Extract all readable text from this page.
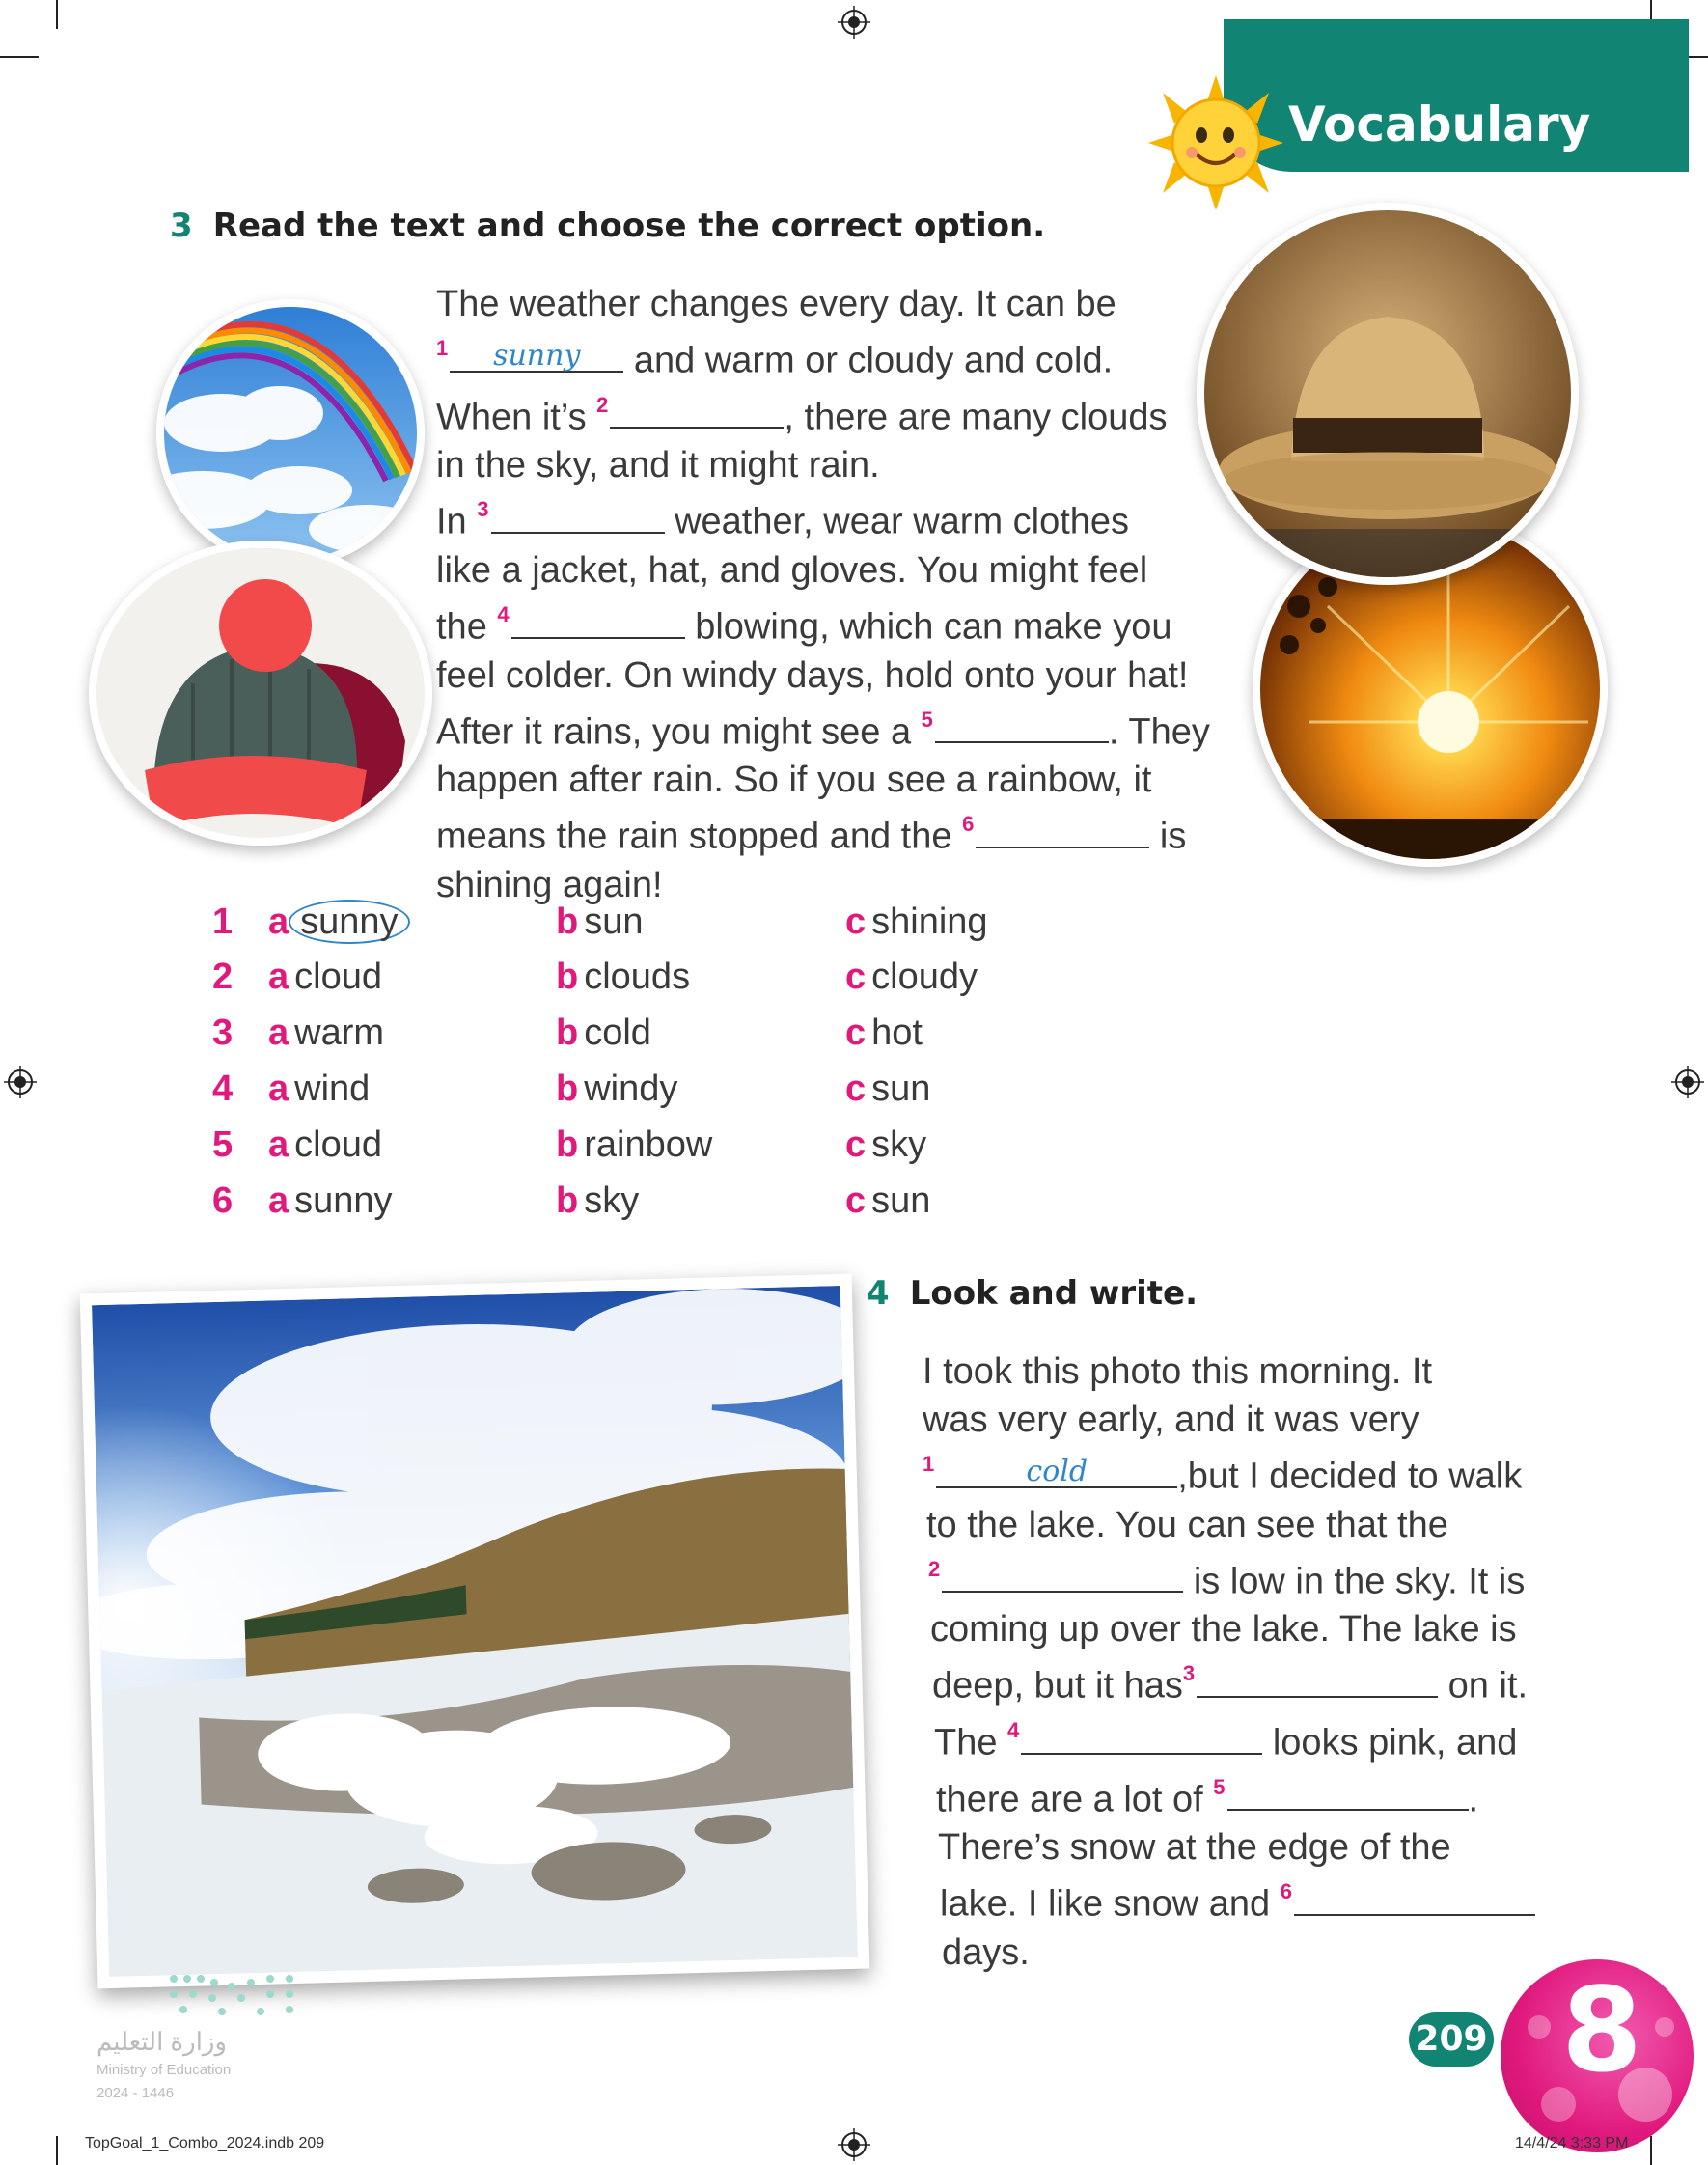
Vocabulary
3 Read the text and choose the correct option.
The weather changes every day. It can be
$^1$	sunny	and warm or cloudy and cold.
When it’s $^2$	, there are many clouds
in the sky, and it might rain.
In $^3$	weather, wear warm clothes
like a jacket, hat, and gloves. You might feel
the $^4$	blowing, which can make you
feel colder. On windy days, hold onto your hat!
After it rains, you might see a $^5$	. They
happen after rain. So if you see a rainbow, it
means the rain stopped and the $^6$	is
shining again!
1 a sunny	b sun	c shining
2 a cloud	b clouds	c cloudy
3 a warm	b cold	c hot
4 a wind	b windy	c sun
5 a cloud	b rainbow	c sky
6 a sunny	b sky	c sun
4 Look and write.
I took this photo this morning. It
was very early, and it was very
$^1$	cold	,but I decided to walk
to the lake. You can see that the
$^2$	is low in the sky. It is
coming up over the lake. The lake is
deep, but it has$^3$	on it.
The $^4$	looks pink, and
there are a lot of $^5$	.
There’s snow at the edge of the
lake. I like snow and $^6$
days.
وزارة التعليم
Ministry of Education
2024 - 1446	8
209
TopGoal_1_Combo_2024.indb 209	14/4/24 3:33 PM
